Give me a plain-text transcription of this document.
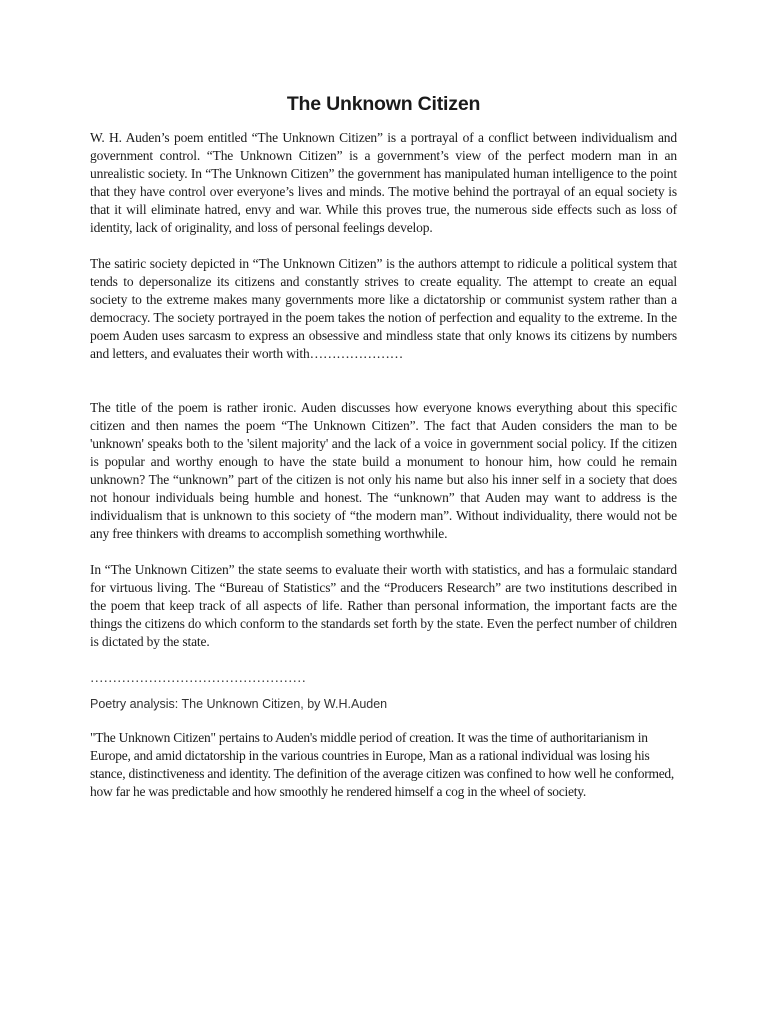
The Unknown Citizen

W. H. Auden’s poem entitled “The Unknown Citizen” is a portrayal of a conflict between individualism and government control. “The Unknown Citizen” is a government’s view of the perfect modern man in an unrealistic society. In “The Unknown Citizen” the government has manipulated human intelligence to the point that they have control over everyone’s lives and minds. The motive behind the portrayal of an equal society is that it will eliminate hatred, envy and war. While this proves true, the numerous side effects such as loss of identity, lack of originality, and loss of personal feelings develop.

The satiric society depicted in “The Unknown Citizen” is the authors attempt to ridicule a political system that tends to depersonalize its citizens and constantly strives to create equality. The attempt to create an equal society to the extreme makes many governments more like a dictatorship or communist system rather than a democracy. The society portrayed in the poem takes the notion of perfection and equality to the extreme. In the poem Auden uses sarcasm to express an obsessive and mindless state that only knows its citizens by numbers and letters, and evaluates their worth with…………………

The title of the poem is rather ironic. Auden discusses how everyone knows everything about this specific citizen and then names the poem “The Unknown Citizen”. The fact that Auden considers the man to be 'unknown' speaks both to the 'silent majority' and the lack of a voice in government social policy. If the citizen is popular and worthy enough to have the state build a monument to honour him, how could he remain unknown? The “unknown” part of the citizen is not only his name but also his inner self in a society that does not honour individuals being humble and honest. The “unknown” that Auden may want to address is the individualism that is unknown to this society of “the modern man”. Without individuality, there would not be any free thinkers with dreams to accomplish something worthwhile.

In “The Unknown Citizen” the state seems to evaluate their worth with statistics, and has a formulaic standard for virtuous living. The “Bureau of Statistics” and the “Producers Research” are two institutions described in the poem that keep track of all aspects of life. Rather than personal information, the important facts are the things the citizens do which conform to the standards set forth by the state. Even the perfect number of children is dictated by the state.

…………………………………………
Poetry analysis: The Unknown Citizen, by W.H.Auden

"The Unknown Citizen" pertains to Auden's middle period of creation. It was the time of authoritarianism in Europe, and amid dictatorship in the various countries in Europe, Man as a rational individual was losing his stance, distinctiveness and identity. The definition of the average citizen was confined to how well he conformed, how far he was predictable and how smoothly he rendered himself a cog in the wheel of society.
